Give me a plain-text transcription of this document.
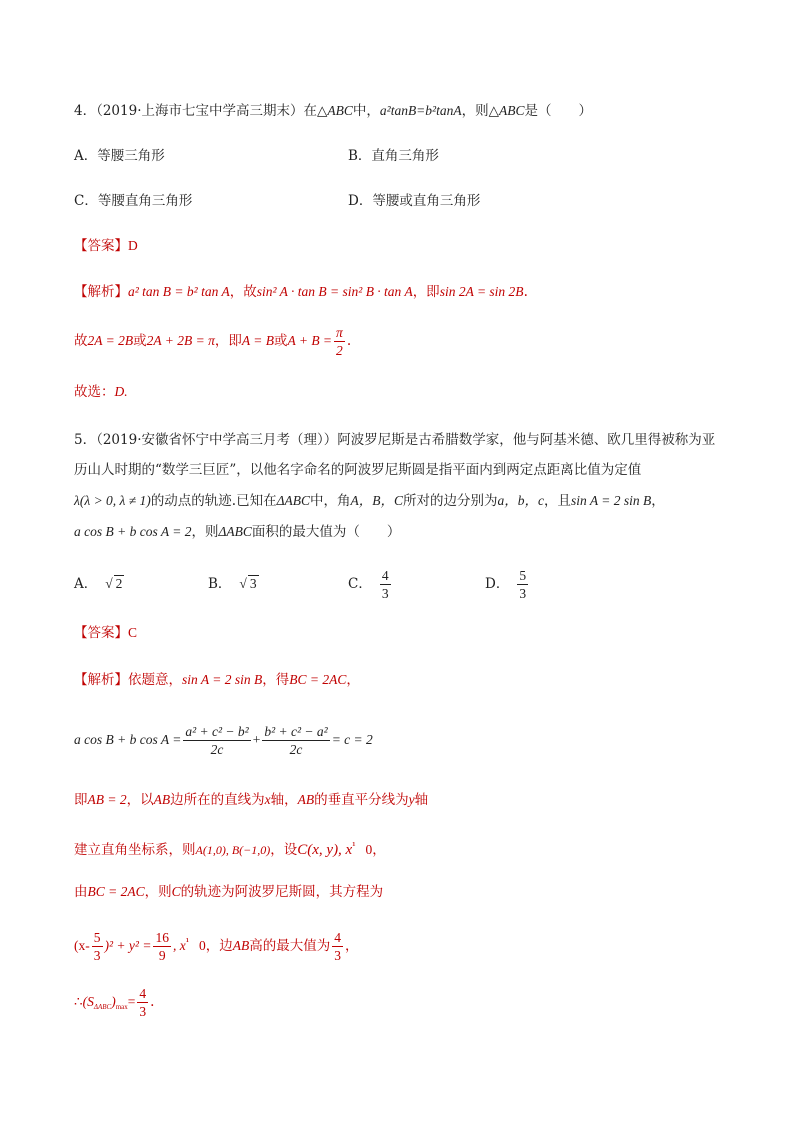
4．（2019·上海市七宝中学高三期末）在△ABC中，a²tanB=b²tanA，则△ABC是（　　）
A．等腰三角形	B．直角三角形
C．等腰直角三角形	D．等腰或直角三角形
【答案】D
【解析】a² tan B = b² tan A，故sin² A · tan B = sin² B · tan A，即sin 2A = sin 2B.
故2A = 2B或2A + 2B = π，即A = B或$A + B = \frac{\pi}{2}$ .
故选：D.
5．（2019·安徽省怀宁中学高三月考（理））阿波罗尼斯是古希腊数学家，他与阿基米德、欧几里得被称为亚
历山人时期的“数学三巨匠”，以他名字命名的阿波罗尼斯圆是指平面内到两定点距离比值为定值
λ(λ > 0, λ ≠ 1)的动点的轨迹.已知在ΔABC中，角A，B，C所对的边分别为a，b，c，且sin A = 2 sin B，
a cos B + b cos A = 2，则ΔABC面积的最大值为（　　）
A． √ 2	B． √ 3	C． $\frac{4}{3}$	D． $\frac{5}{3}$
【答案】C
【解析】依题意，sin A = 2 sin B，得BC = 2AC，
a cos B + b $\cos A = \frac{\text{a² + c² − b²}}{2c} + \frac{\text{b² + c² − a²}}{2c} = c = 2$
即AB = 2，以AB边所在的直线为x轴，AB的垂直平分线为y轴
建立直角坐标系，则A(1,0), B(−1,0)，设C(x, y), $x^{^1}$ 0，
由BC = 2AC，则C的轨迹为阿波罗尼斯圆，其方程为
$(x- \frac{5}{3} )^2 + y^2 = \frac{16}{9}$ , $x^{^1}$ 0，边AB高的最大值为 $\frac{4}{3}$ ，
$\therefore(S_{\Delta ABC})_{max}= \frac{4}{3}$ .
